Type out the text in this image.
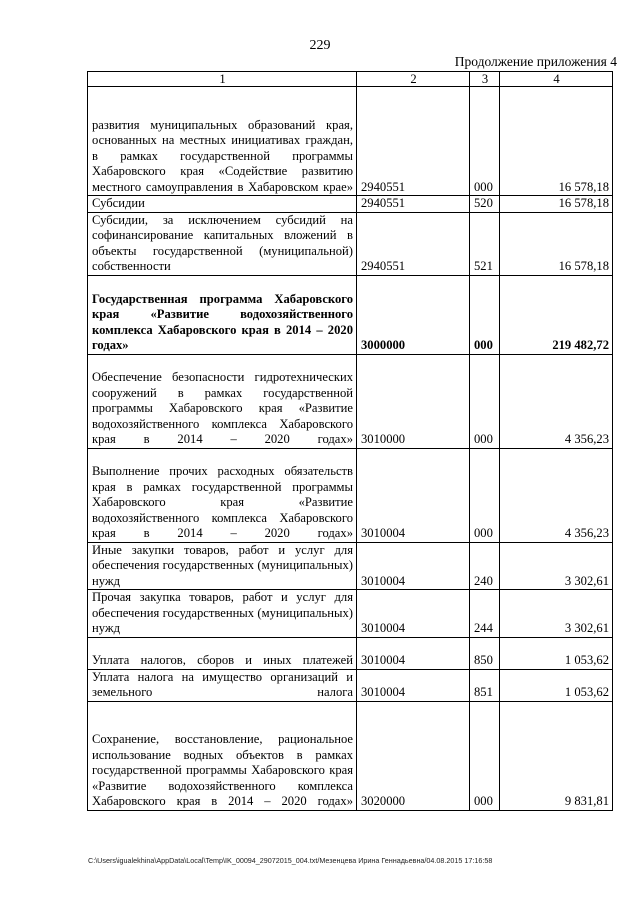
229
Продолжение приложения 4
1	2	3	4
развития муниципальных образований края, основанных на местных инициативах граждан, в рамках государственной программы Хабаровского края «Содействие развитию местного самоуправления в Хабаровском крае»	2940551	000	16 578,18
Субсидии	2940551	520	16 578,18
Субсидии, за исключением субсидий на софинансирование капитальных вложений в объекты государственной (муниципальной) собственности	2940551	521	16 578,18
Государственная программа Хабаровского края «Развитие водохозяйственного комплекса Хабаровского края в 2014 – 2020 годах»	3000000	000	219 482,72
Обеспечение безопасности гидротехнических сооружений в рамках государственной программы Хабаровского края «Развитие водохозяйственного комплекса Хабаровского края в 2014 – 2020 годах»	3010000	000	4 356,23
Выполнение прочих расходных обязательств края в рамках государственной программы Хабаровского края «Развитие водохозяйственного комплекса Хабаровского края в 2014 – 2020 годах»	3010004	000	4 356,23
Иные закупки товаров, работ и услуг для обеспечения государственных (муниципальных) нужд	3010004	240	3 302,61
Прочая закупка товаров, работ и услуг для обеспечения государственных (муниципальных) нужд	3010004	244	3 302,61
Уплата налогов, сборов и иных платежей	3010004	850	1 053,62
Уплата налога на имущество организаций и земельного налога	3010004	851	1 053,62
Сохранение, восстановление, рациональное использование водных объектов в рамках государственной программы Хабаровского края «Развитие водохозяйственного комплекса Хабаровского края в 2014 – 2020 годах»	3020000	000	9 831,81
C:\Users\igualekhina\AppData\Local\Temp\IK_00094_29072015_004.txt/Мезенцева Ирина Геннадьевна/04.08.2015 17:16:58
